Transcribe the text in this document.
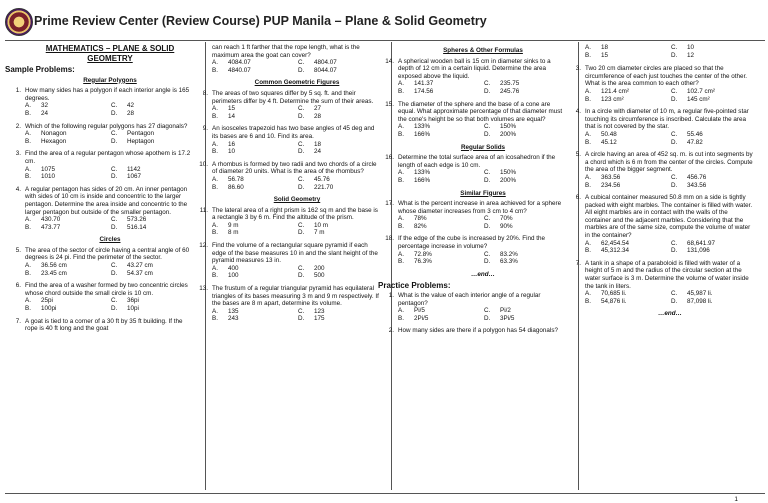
Prime Review Center (Review Course) PUP Manila – Plane & Solid Geometry
MATHEMATICS – PLANE & SOLID
GEOMETRY
Sample Problems:
Regular Polygons
1. How many sides has a polygon if each interior angle is 165 degrees.
A.	32	C.	42
B.	24	D.	28
2. Which of the following regular polygons has 27 diagonals?
A.	Nonagon	C.	Pentagon
B.	Hexagon	D.	Heptagon
3. Find the area of a regular pentagon whose apothem is 17.2 cm.
A.	1075	C.	1142
B.	1010	D.	1067
4. A regular pentagon has sides of 20 cm. An inner pentagon with sides of 10 cm is inside and concentric to the larger pentagon. Determine the area inside and concentric to the larger pentagon but outside of the smaller pentagon.
A.	430.70	C.	573.26
B.	473.77	D.	516.14
Circles
5. The area of the sector of circle having a central angle of 60 degrees is 24 pi. Find the perimeter of the sector.
A.	36.56 cm	C.	43.27 cm
B.	23.45 cm	D.	54.37 cm
6. Find the area of a washer formed by two concentric circles whose chord outside the small circle is 10 cm.
A.	25pi	C.	36pi
B.	100pi	D.	10pi
7. A goat is tied to a corner of a 30 ft by 35 ft building. If the rope is 40 ft long and the goat
can reach 1 ft farther that the rope length, what is the maximum area the goat can cover?
A.	4084.07	C.	4804.07
B.	4840.07	D.	8044.07
Common Geometric Figures
8. The areas of two squares differ by 5 sq. ft. and their perimeters differ by 4 ft. Determine the sum of their areas.
A.	15	C.	27
B.	14	D.	28
9. An isosceles trapezoid has two base angles of 45 deg and its bases are 6 and 10. Find its area.
A.	16	C.	18
B.	10	D.	24
10. A rhombus is formed by two radii and two chords of a circle of diameter 20 units. What is the area of the rhombus?
A.	56.78	C.	45.76
B.	86.60	D.	221.70
Solid Geometry
11. The lateral area of a right prism is 162 sq m and the base is a rectangle 3 by 6 m. Find the altitude of the prism.
A.	9 m	C.	10 m
B.	8 m	D.	7 m
12. Find the volume of a rectangular square pyramid if each edge of the base measures 10 in and the slant height of the pyramid measures 13 in.
A.	400	C.	200
B.	100	D.	500
13. The frustum of a regular triangular pyramid has equilateral triangles of its bases measuring 3 m and 9 m respectively. If the bases are 8 m apart, determine its volume.
A.	135	C.	123
B.	243	D.	175
Spheres & Other Formulas
14. A spherical wooden ball is 15 cm in diameter sinks to a depth of 12 cm in a certain liquid. Determine the area exposed above the liquid.
A.	141.37	C.	235.75
B.	174.56	D.	245.76
15. The diameter of the sphere and the base of a cone are equal. What approximate percentage of that diameter must the cone's height be so that both volumes are equal?
A.	133%	C.	150%
B.	166%	D.	200%
Regular Solids
16. Determine the total surface area of an icosahedron if the length of each edge is 10 cm.
A.	133%	C.	150%
B.	166%	D.	200%
Similar Figures
17. What is the percent increase in area achieved for a sphere whose diameter increases from 3 cm to 4 cm?
A.	78%	C.	70%
B.	82%	D.	90%
18. If the edge of the cube is increased by 20%. Find the percentage increase in volume?
A.	72.8%	C.	83.2%
B.	76.3%	D.	63.3%
…end…
Practice Problems:
1. What is the value of each interior angle of a regular pentagon?
A.	Pi/5	C.	Pi/2
B.	2Pi/5	D.	3Pi/5
2. How many sides are there if a polygon has 54 diagonals?
A.	18	C.	10
B.	15	D.	12
3. Two 20 cm diameter circles are placed so that the circumference of each just touches the center of the other. What is the area common to each other?
A.	121.4 cm²	C.	102.7 cm²
B.	123 cm²	D.	145 cm²
4. In a circle with diameter of 10 m, a regular five-pointed star touching its circumference is inscribed. Calculate the area that is not covered by the star.
A.	50.48	C.	55.46
B.	45.12	D.	47.82
5. A circle having an area of 452 sq. m. is cut into segments by a chord which is 6 m from the center of the circles. Compute the area of the bigger segment.
A.	363.56	C.	456.76
B.	234.56	D.	343.56
6. A cubical container measured 50.8 mm on a side is tightly packed with eight marbles. The container is filled with water. All eight marbles are in contact with the walls of the container and the adjacent marbles. Considering that the marbles are of the same size, compute the volume of water in the container?
A.	62,454.54	C.	68,641.97
B.	45,312.34	D.	131,096
7. A tank in a shape of a paraboloid is filled with water of a height of 5 m and the radius of the circular section at the water surface is 3 m. Determine the volume of water inside the tank in liters.
A.	70,685 li.	C.	45,987 li.
B.	54,876 li.	D.	87,098 li.
…end…
1
